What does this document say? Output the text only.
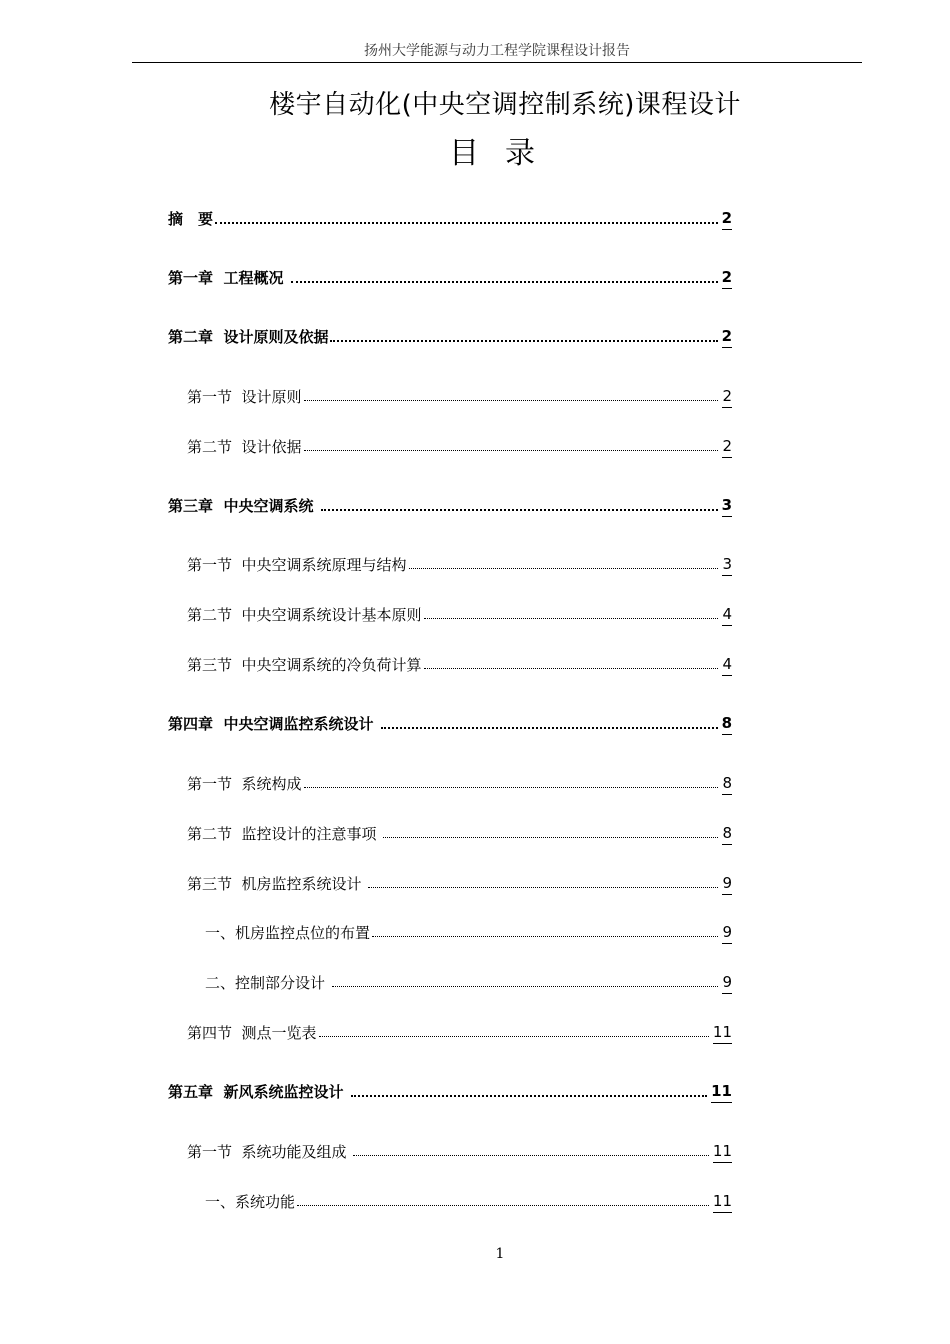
扬州大学能源与动力工程学院课程设计报告
楼宇自动化(中央空调控制系统)课程设计
目录
摘　要	2
第一章  工程概况	2
第二章  设计原则及依据	2
第一节  设计原则	2
第二节  设计依据	2
第三章  中央空调系统	3
第一节  中央空调系统原理与结构	3
第二节  中央空调系统设计基本原则	4
第三节  中央空调系统的冷负荷计算	4
第四章  中央空调监控系统设计	8
第一节  系统构成	8
第二节  监控设计的注意事项	8
第三节  机房监控系统设计	9
一、机房监控点位的布置	9
二、控制部分设计	9
第四节  测点一览表	11
第五章  新风系统监控设计	11
第一节  系统功能及组成	11
一、系统功能	11
1
